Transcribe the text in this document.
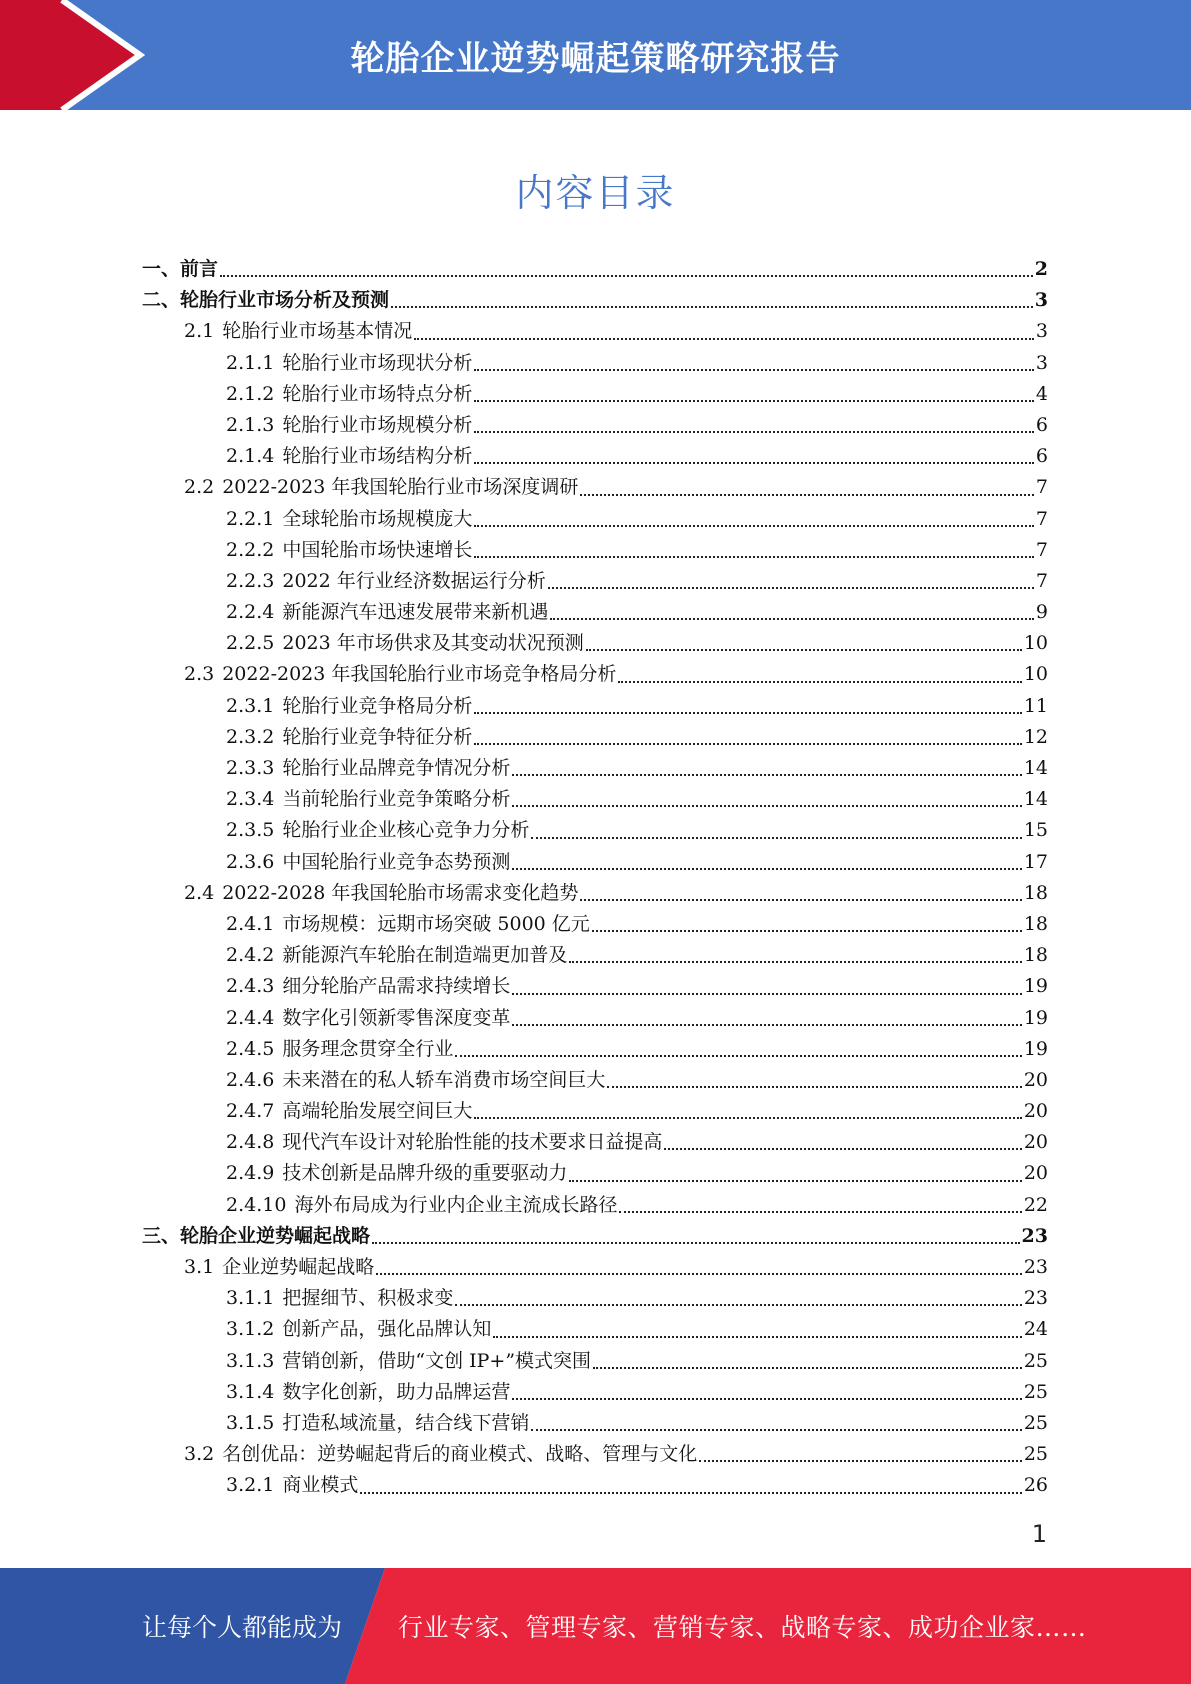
轮胎企业逆势崛起策略研究报告
内容目录
一、 前言	2
二、 轮胎行业市场分析及预测	3
2.1 轮胎行业市场基本情况	3
2.1.1 轮胎行业市场现状分析	3
2.1.2 轮胎行业市场特点分析	4
2.1.3 轮胎行业市场规模分析	6
2.1.4 轮胎行业市场结构分析	6
2.2 2022-2023 年我国轮胎行业市场深度调研	7
2.2.1 全球轮胎市场规模庞大	7
2.2.2 中国轮胎市场快速增长	7
2.2.3 2022 年行业经济数据运行分析	7
2.2.4 新能源汽车迅速发展带来新机遇	9
2.2.5 2023 年市场供求及其变动状况预测	10
2.3 2022-2023 年我国轮胎行业市场竞争格局分析	10
2.3.1 轮胎行业竞争格局分析	11
2.3.2 轮胎行业竞争特征分析	12
2.3.3 轮胎行业品牌竞争情况分析	14
2.3.4 当前轮胎行业竞争策略分析	14
2.3.5 轮胎行业企业核心竞争力分析	15
2.3.6 中国轮胎行业竞争态势预测	17
2.4 2022-2028 年我国轮胎市场需求变化趋势	18
2.4.1 市场规模：远期市场突破 5000 亿元	18
2.4.2 新能源汽车轮胎在制造端更加普及	18
2.4.3 细分轮胎产品需求持续增长	19
2.4.4 数字化引领新零售深度变革	19
2.4.5 服务理念贯穿全行业	19
2.4.6 未来潜在的私人轿车消费市场空间巨大	20
2.4.7 高端轮胎发展空间巨大	20
2.4.8 现代汽车设计对轮胎性能的技术要求日益提高	20
2.4.9 技术创新是品牌升级的重要驱动力	20
2.4.10 海外布局成为行业内企业主流成长路径	22
三、 轮胎企业逆势崛起战略	23
3.1 企业逆势崛起战略	23
3.1.1 把握细节、积极求变	23
3.1.2 创新产品，强化品牌认知	24
3.1.3 营销创新，借助“文创 IP+”模式突围	25
3.1.4 数字化创新，助力品牌运营	25
3.1.5 打造私域流量，结合线下营销	25
3.2 名创优品：逆势崛起背后的商业模式、战略、管理与文化	25
3.2.1 商业模式	26
1
让每个人都能成为 行业专家、管理专家、营销专家、战略专家、成功企业家……
